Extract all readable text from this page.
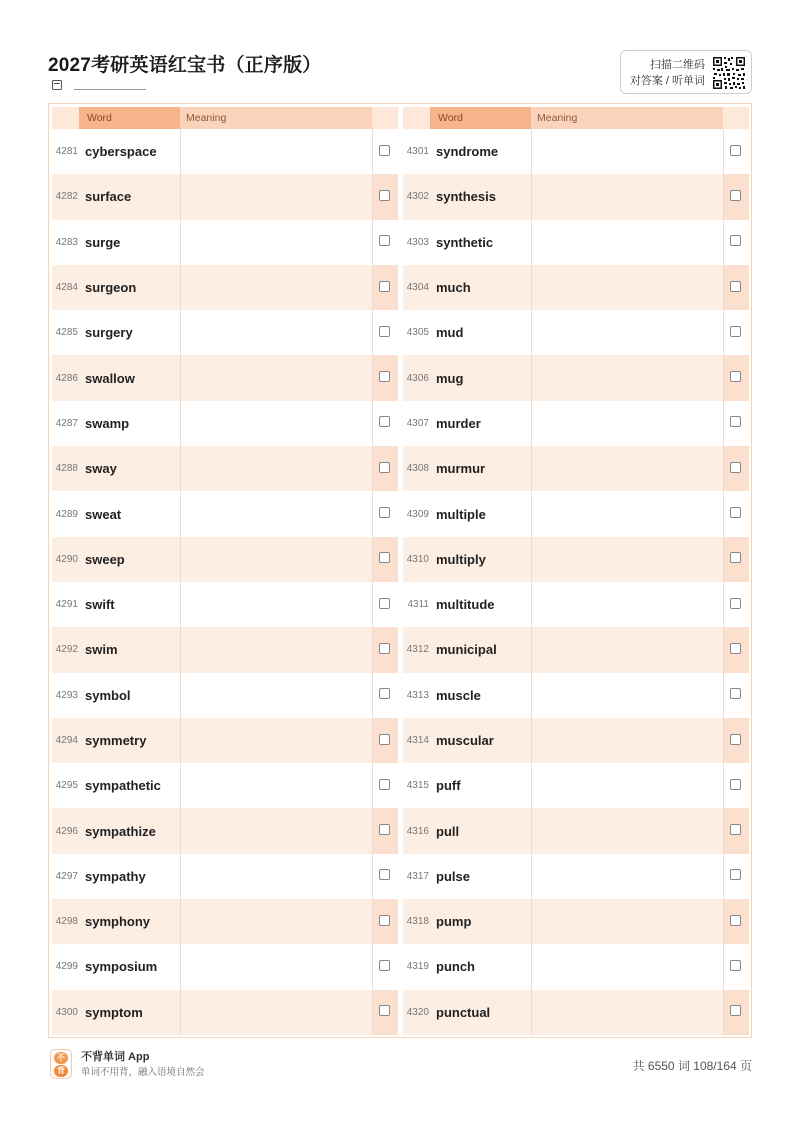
2027考研英语红宝书（正序版）	扫描二维码
对答案 / 听单词
Word	Meaning
4281 cyberspace
4282 surface
4283 surge
4284 surgeon
4285 surgery
4286 swallow
4287 swamp
4288 sway
4289 sweat
4290 sweep
4291 swift
4292 swim
4293 symbol
4294 symmetry
4295 sympathetic
4296 sympathize
4297 sympathy
4298 symphony
4299 symposium
4300 symptom
Word	Meaning
4301 syndrome
4302 synthesis
4303 synthetic
4304 much
4305 mud
4306 mug
4307 murder
4308 murmur
4309 multiple
4310 multiply
4311 multitude
4312 municipal
4313 muscle
4314 muscular
4315 puff
4316 pull
4317 pulse
4318 pump
4319 punch
4320 punctual
不
背
不背单词 App
单词不用背，融入语境自然会	共 6550 词 108/164 页
